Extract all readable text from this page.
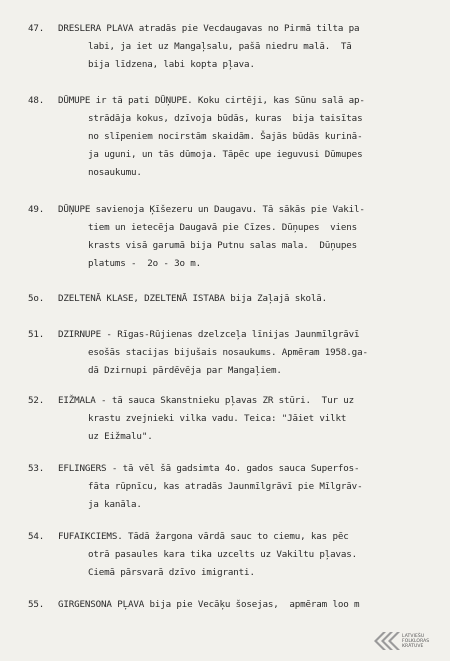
47.	DRESLERA PLAVA atradās pie Vecdaugavas no Pirmā tilta pa
labi, ja iet uz Mangaļsalu, pašā niedru malā.  Tā
bija līdzena, labi kopta pļava.
48.	DŪMUPE ir tā pati DŪŅUPE. Koku cirtēji, kas Sūnu salā ap-
strādāja kokus, dzīvoja būdās, kuras  bija taisītas
no slīpeniem nocirstām skaidām. Šajās būdās kurinā-
ja uguni, un tās dūmoja. Tāpēc upe ieguvusi Dūmupes
nosaukumu.
49.	DŪŅUPE savienoja Ķīšezeru un Daugavu. Tā sākās pie Vakil-
tiem un ietecēja Daugavā pie Cīzes. Dūņupes  viens
krasts visā garumā bija Putnu salas mala.  Dūņupes
platums -  2o - 3o m.
5o.	DZELTENĀ KLASE, DZELTENĀ ISTABA bija Zaļajā skolā.
51.	DZIRNUPE - Rīgas-Rūjienas dzelzceļa līnijas Jaunmīlgrāvī
esošās stacijas bijušais nosaukums. Apmēram 1958.ga-
dā Dzirnupi pārdēvēja par Mangaļiem.
52.	EIŽMALA - tā sauca Skanstnieku pļavas ZR stūri.  Tur uz
krastu zvejnieki vilka vadu. Teica: "Jāiet vilkt
uz Eižmalu".
53.	EFLINGERS - tā vēl šā gadsimta 4o. gados sauca Superfos-
fāta rūpnīcu, kas atradās Jaunmīlgrāvī pie Mīlgrāv-
ja kanāla.
54.	FUFAIKCIEMS. Tādā žargona vārdā sauc to ciemu, kas pēc
otrā pasaules kara tika uzcelts uz Vakiltu pļavas.
Ciemā pārsvarā dzīvo imigranti.
55.	GIRGENSONA PĻAVA bija pie Vecāķu šosejas,  apmēram loo m
LATVIEŠU
FOLKLORAS
KRĀTUVE
